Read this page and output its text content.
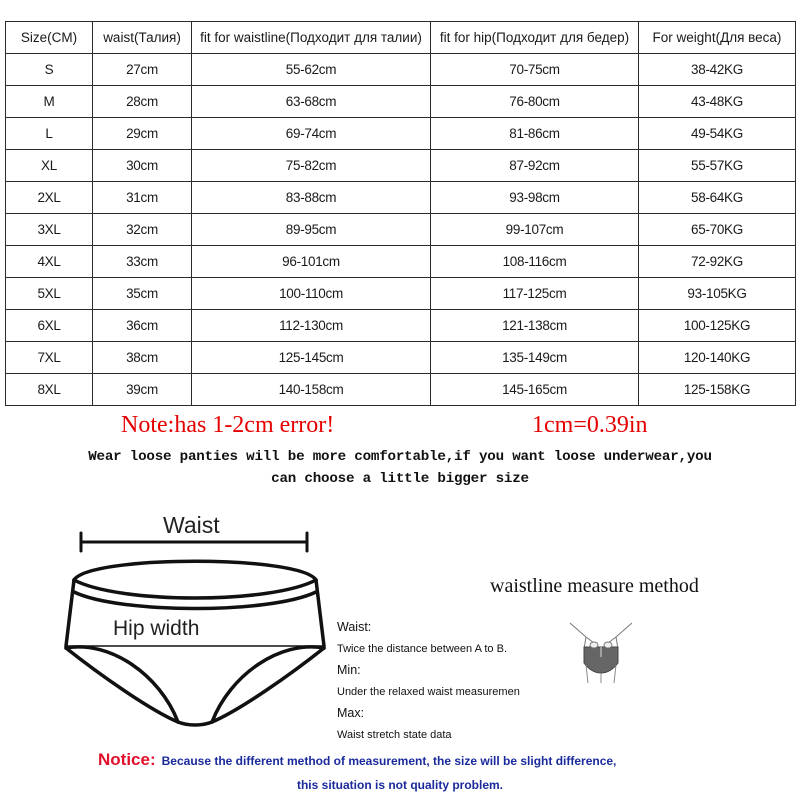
Size(CM)	waist(Талия)	fit for waistline(Подходит для талии)	fit for hip(Подходит для бедер)	For weight(Для веса)
S	27cm	55-62cm	70-75cm	38-42KG
M	28cm	63-68cm	76-80cm	43-48KG
L	29cm	69-74cm	81-86cm	49-54KG
XL	30cm	75-82cm	87-92cm	55-57KG
2XL	31cm	83-88cm	93-98cm	58-64KG
3XL	32cm	89-95cm	99-107cm	65-70KG
4XL	33cm	96-101cm	108-116cm	72-92KG
5XL	35cm	100-110cm	117-125cm	93-105KG
6XL	36cm	112-130cm	121-138cm	100-125KG
7XL	38cm	125-145cm	135-149cm	120-140KG
8XL	39cm	140-158cm	145-165cm	125-158KG
Note:has 1-2cm error!	1cm=0.39in
Wear loose panties will be more comfortable,if you want loose underwear,you
can choose a little bigger size
Waist
Hip width
waistline measure method
Waist:
Twice the distance between A to B.
Min:
Under the relaxed waist measuremen
Max:
Waist stretch state data
Notice: Because the different method of measurement, the size will be slight difference,
this situation is not quality problem.
